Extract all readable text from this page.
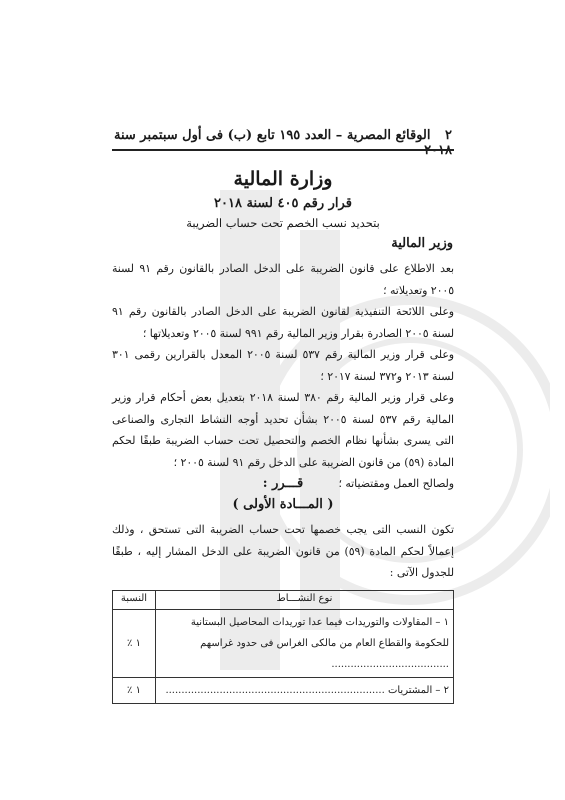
٢ الوقائع المصرية – العدد ١٩٥ تابع (ب) فى أول سبتمبر سنة ٢٠١٨
وزارة المالية
قرار رقم ٤٠٥ لسنة ٢٠١٨
بتحديد نسب الخصم تحت حساب الضريبة
وزير المالية
بعد الاطلاع على قانون الضريبة على الدخل الصادر بالقانون رقم ٩١ لسنة ٢٠٠٥ وتعديلاته ؛
وعلى اللائحة التنفيذية لقانون الضريبة على الدخل الصادر بالقانون رقم ٩١ لسنة ٢٠٠٥ الصادرة بقرار وزير المالية رقم ٩٩١ لسنة ٢٠٠٥ وتعديلاتها ؛
وعلى قرار وزير المالية رقم ٥٣٧ لسنة ٢٠٠٥ المعدل بالقرارين رقمى ٣٠١ لسنة ٢٠١٣ و٣٧٢ لسنة ٢٠١٧ ؛
وعلى قرار وزير المالية رقم ٣٨٠ لسنة ٢٠١٨ بتعديل بعض أحكام قرار وزير المالية رقم ٥٣٧ لسنة ٢٠٠٥ بشأن تحديد أوجه النشاط التجارى والصناعى التى يسرى بشأنها نظام الخصم والتحصيل تحت حساب الضريبة طبقًا لحكم المادة (٥٩) من قانون الضريبة على الدخل رقم ٩١ لسنة ٢٠٠٥ ؛
ولصالح العمل ومقتضياته ؛
قـــرر :
( المـــادة الأولى )
تكون النسب التى يجب خصمها تحت حساب الضريبة التى تستحق ، وذلك إعمالاً لحكم المادة (٥٩) من قانون الضريبة على الدخل المشار إليه ، طبقًا للجدول الآتى :
نوع النشـــاط	النسبة
١ – المقاولات والتوريدات فيما عدا توريدات المحاصيل البستانية للحكومة والقطاع العام من مالكى الغراس فى حدود غراسهم .....................................	١ ٪
٢ – المشتريات .....................................................................	١ ٪
